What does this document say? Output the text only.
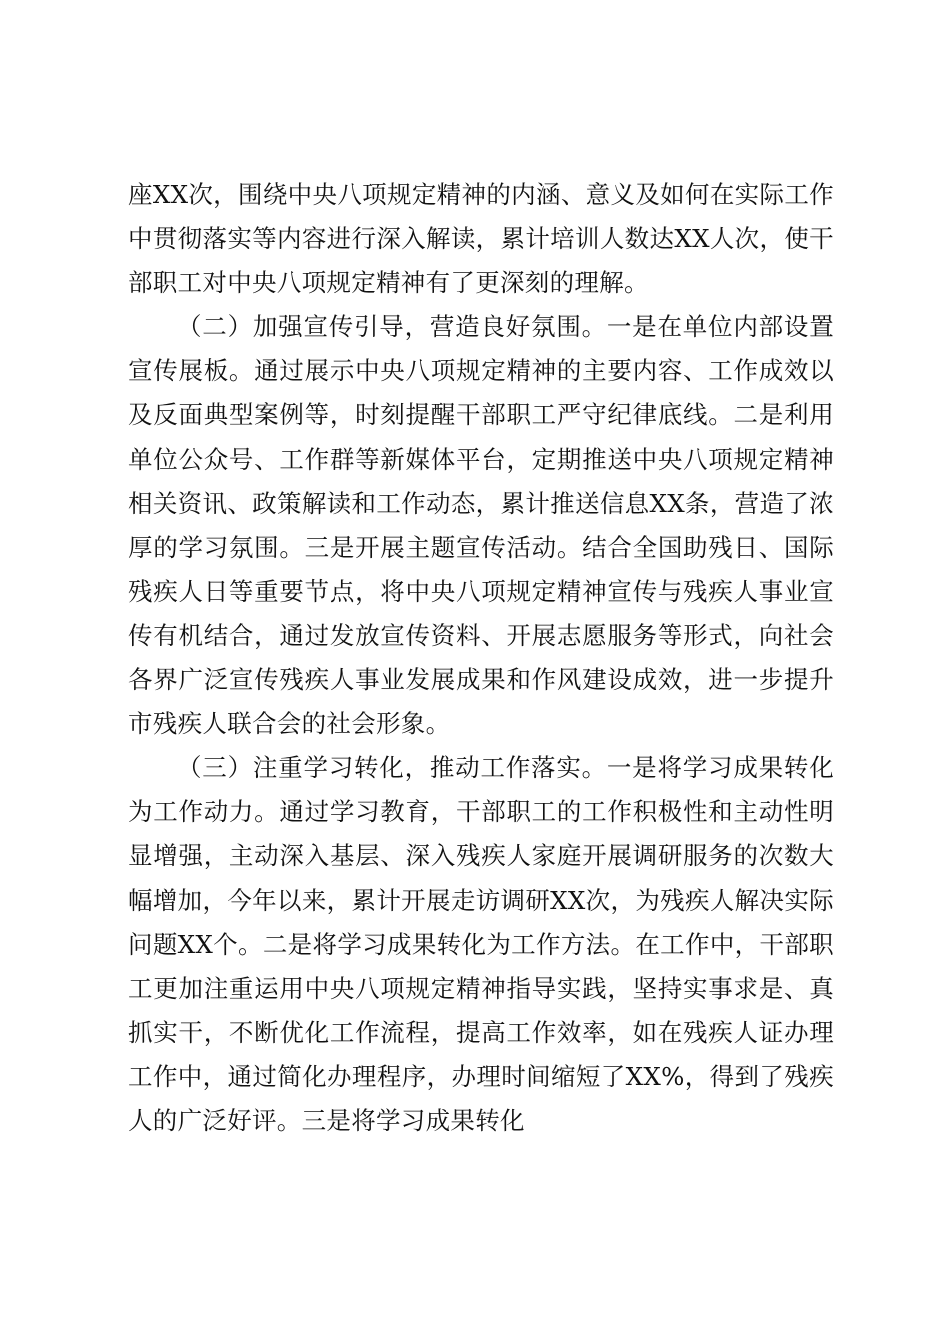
座XX次，围绕中央八项规定精神的内涵、意义及如何在实际工作中贯彻落实等内容进行深入解读，累计培训人数达XX人次，使干部职工对中央八项规定精神有了更深刻的理解。

（二）加强宣传引导，营造良好氛围。一是在单位内部设置宣传展板。通过展示中央八项规定精神的主要内容、工作成效以及反面典型案例等，时刻提醒干部职工严守纪律底线。二是利用单位公众号、工作群等新媒体平台，定期推送中央八项规定精神相关资讯、政策解读和工作动态，累计推送信息XX条，营造了浓厚的学习氛围。三是开展主题宣传活动。结合全国助残日、国际残疾人日等重要节点，将中央八项规定精神宣传与残疾人事业宣传有机结合，通过发放宣传资料、开展志愿服务等形式，向社会各界广泛宣传残疾人事业发展成果和作风建设成效，进一步提升市残疾人联合会的社会形象。

（三）注重学习转化，推动工作落实。一是将学习成果转化为工作动力。通过学习教育，干部职工的工作积极性和主动性明显增强，主动深入基层、深入残疾人家庭开展调研服务的次数大幅增加，今年以来，累计开展走访调研XX次，为残疾人解决实际问题XX个。二是将学习成果转化为工作方法。在工作中，干部职工更加注重运用中央八项规定精神指导实践，坚持实事求是、真抓实干，不断优化工作流程，提高工作效率，如在残疾人证办理工作中，通过简化办理程序，办理时间缩短了XX%，得到了残疾人的广泛好评。三是将学习成果转化
